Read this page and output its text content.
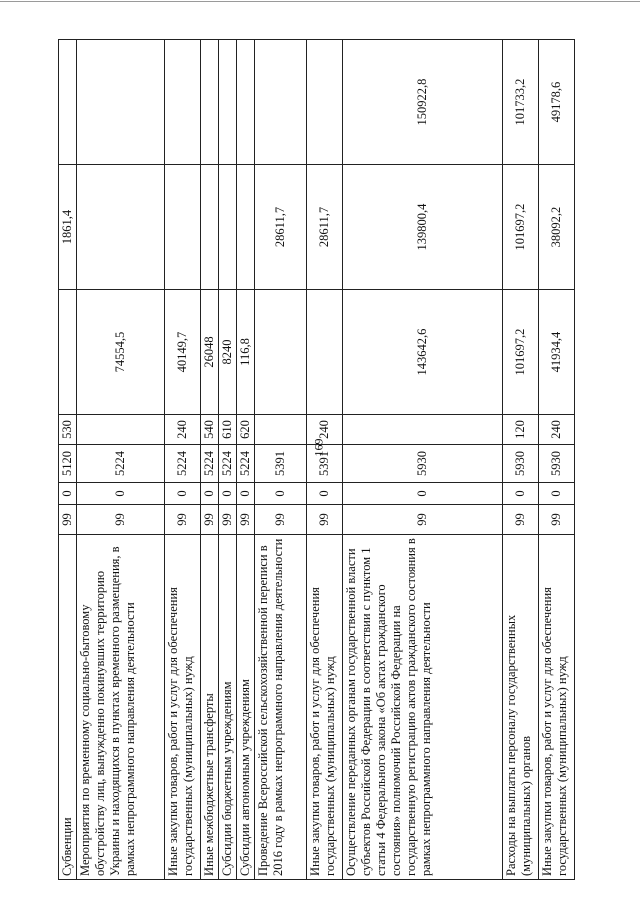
169
Субвенции	99	0	5120	530		1861,4	
Мероприятия по временному социально-бытовому обустройству лиц, вынужденно покинувших территорию Украины и находящихся в пунктах временного размещения, в рамках непрограммного направления деятельности	99	0	5224		74554,5		
Иные закупки товаров, работ и услуг для обеспечения государственных (муниципальных) нужд	99	0	5224	240	40149,7		
Иные межбюджетные трансферты	99	0	5224	540	26048		
Субсидии бюджетным учреждениям	99	0	5224	610	8240		
Субсидии автономным учреждениям	99	0	5224	620	116,8		
Проведение Всероссийской сельскохозяйственной переписи в 2016 году в рамках непрограммного направления деятельности	99	0	5391			28611,7	
Иные закупки товаров, работ и услуг для обеспечения государственных (муниципальных) нужд	99	0	5391	240		28611,7	
Осуществление переданных органам государственной власти субъектов Российской Федерации в соответствии с пунктом 1 статьи 4 Федерального закона «Об актах гражданского состояния» полномочий Российской Федерации на государственную регистрацию актов гражданского состояния в рамках непрограммного направления деятельности	99	0	5930		143642,6	139800,4	150922,8
Расходы на выплаты персоналу государственных (муниципальных) органов	99	0	5930	120	101697,2	101697,2	101733,2
Иные закупки товаров, работ и услуг для обеспечения государственных (муниципальных) нужд	99	0	5930	240	41934,4	38092,2	49178,6
